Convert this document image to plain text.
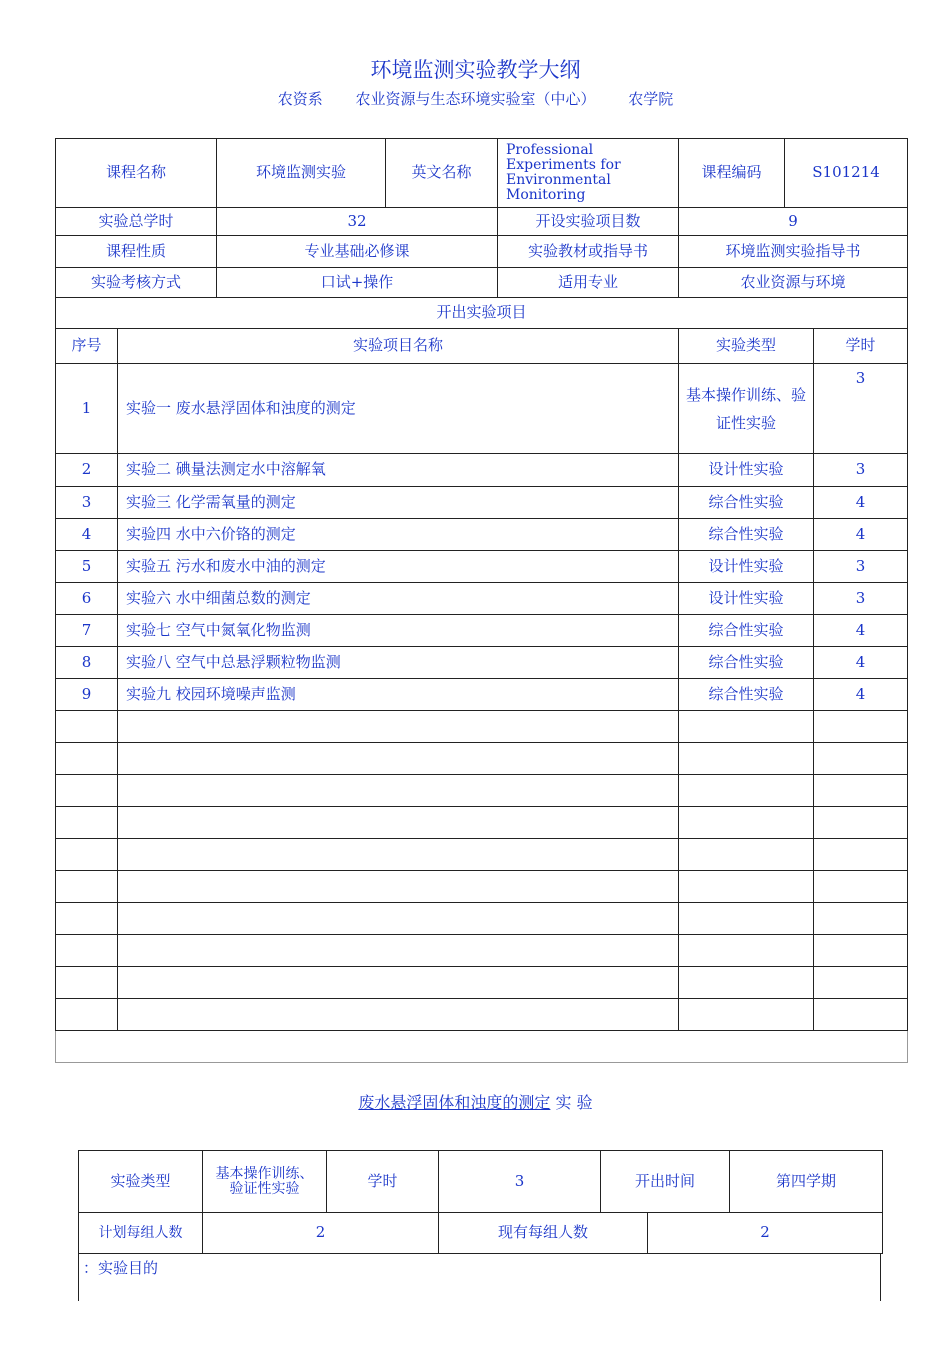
环境监测实验教学大纲
农资系 农业资源与生态环境实验室（中心） 农学院
课程名称		环境监测实验	英文名称	Professional Experiments for Environmental Monitoring	课程编码	S101214	
实验总学时		32		开设实验项目数	9		
课程性质		专业基础必修课		实验教材或指导书	环境监测实验指导书		
实验考核方式		口试+操作		适用专业	农业资源与环境		
开出实验项目							
序号	实验项目名称				实验类型		学时
1	实验一 废水悬浮固体和浊度的测定				基本操作训练、验证性实验		3
2	实验二 碘量法测定水中溶解氧				设计性实验		3
3	实验三 化学需氧量的测定				综合性实验		4
4	实验四 水中六价铬的测定				综合性实验		4
5	实验五 污水和废水中油的测定				设计性实验		3
6	实验六 水中细菌总数的测定				设计性实验		3
7	实验七 空气中氮氧化物监测				综合性实验		4
8	实验八 空气中总悬浮颗粒物监测				综合性实验		4
9	实验九 校园环境噪声监测				综合性实验		4

废水悬浮固体和浊度的测定 实 验
实验类型	基本操作训练、验证性实验	学时	3	开出时间		第四学期
计划每组人数	2		现有每组人数		2	
：实验目的
